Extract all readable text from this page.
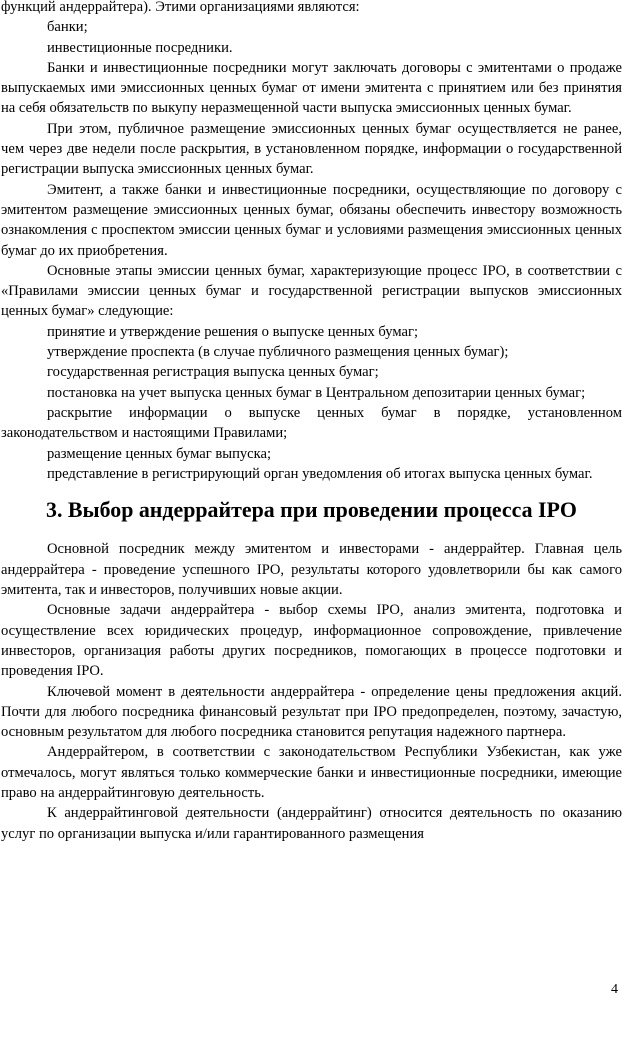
функций андеррайтера). Этими организациями являются:

банки;

инвестиционные посредники.

Банки и инвестиционные посредники могут заключать договоры с эмитентами о продаже выпускаемых ими эмиссионных ценных бумаг от имени эмитента с принятием или без принятия на себя обязательств по выкупу неразмещенной части выпуска эмиссионных ценных бумаг.

При этом, публичное размещение эмиссионных ценных бумаг осуществляется не ранее, чем через две недели после раскрытия, в установленном порядке, информации о государственной регистрации выпуска эмиссионных ценных бумаг.

Эмитент, а также банки и инвестиционные посредники, осуществляющие по договору с эмитентом размещение эмиссионных ценных бумаг, обязаны обеспечить инвестору возможность ознакомления с проспектом эмиссии ценных бумаг и условиями размещения эмиссионных ценных бумаг до их приобретения.

Основные этапы эмиссии ценных бумаг, характеризующие процесс IPO, в соответствии с «Правилами эмиссии ценных бумаг и государственной регистрации выпусков эмиссионных ценных бумаг» следующие:

принятие и утверждение решения о выпуске ценных бумаг;

утверждение проспекта (в случае публичного размещения ценных бумаг);

государственная регистрация выпуска ценных бумаг;

постановка на учет выпуска ценных бумаг в Центральном депозитарии ценных бумаг;

раскрытие информации о выпуске ценных бумаг в порядке, установленном законодательством и настоящими Правилами;

размещение ценных бумаг выпуска;

представление в регистрирующий орган уведомления об итогах выпуска ценных бумаг.

3. Выбор андеррайтера при проведении процесса IPO

Основной посредник между эмитентом и инвесторами - андеррайтер. Главная цель андеррайтера - проведение успешного IPO, результаты которого удовлетворили бы как самого эмитента, так и инвесторов, получивших новые акции.

Основные задачи андеррайтера - выбор схемы IPO, анализ эмитента, подготовка и осуществление всех юридических процедур, информационное сопровождение, привлечение инвесторов, организация работы других посредников, помогающих в процессе подготовки и проведения IPO.

Ключевой момент в деятельности андеррайтера - определение цены предложения акций. Почти для любого посредника финансовый результат при IPO предопределен, поэтому, зачастую, основным результатом для любого посредника становится репутация надежного партнера.

Андеррайтером, в соответствии с законодательством Республики Узбекистан, как уже отмечалось, могут являться только коммерческие банки и инвестиционные посредники, имеющие право на андеррайтинговую деятельность.

К андеррайтинговой деятельности (андеррайтинг) относится деятельность по оказанию услуг по организации выпуска и/или гарантированного размещения

4
